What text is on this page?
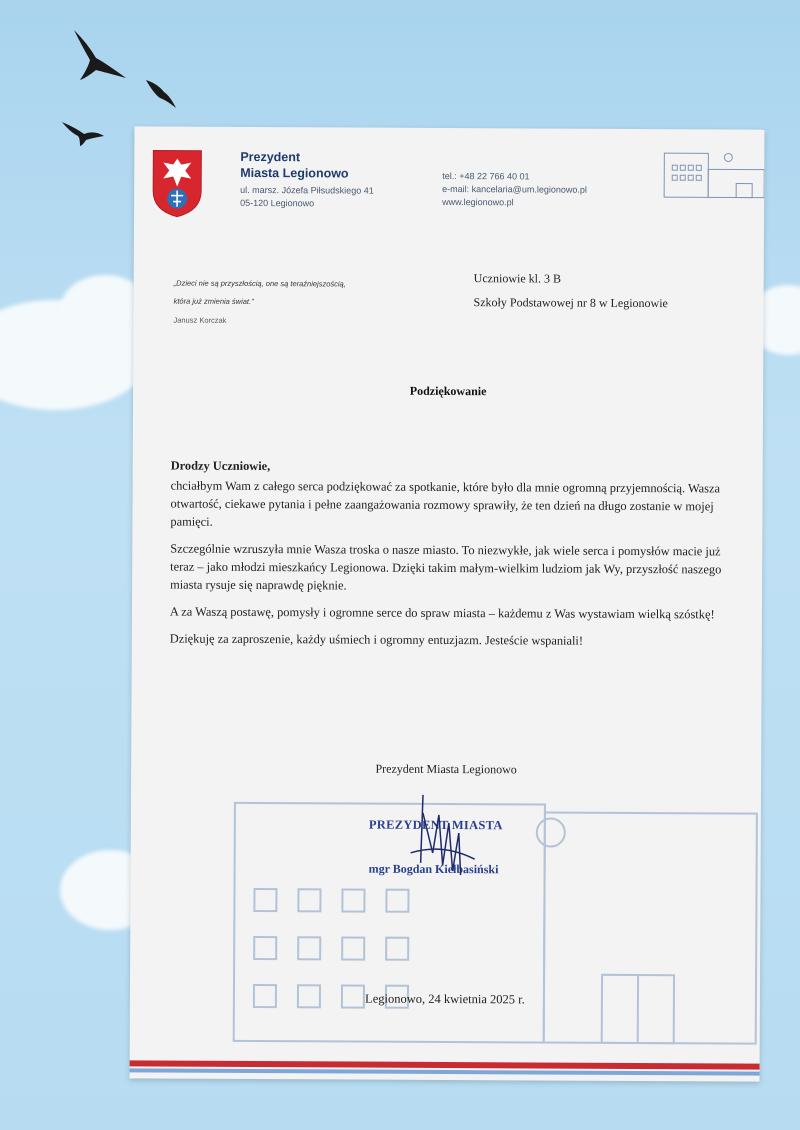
Prezydent
Miasta Legionowo
ul. marsz. Józefa Piłsudskiego 41
05-120 Legionowo
tel.: +48 22 766 40 01
e-mail: kancelaria@um.legionowo.pl
www.legionowo.pl
„Dzieci nie są przyszłością, one są teraźniejszością,
która już zmienia świat.”
Janusz Korczak
Uczniowie kl. 3 B
Szkoły Podstawowej nr 8 w Legionowie
Podziękowanie
Prezydent Miasta Legionowo
PREZYDENT MIASTA
mgr Bogdan Kiełbasiński
Legionowo, 24 kwietnia 2025 r.
Drodzy Uczniowie,

chciałbym Wam z całego serca podziękować za spotkanie, które było dla mnie ogromną przyjemnością. Wasza otwartość, ciekawe pytania i pełne zaangażowania rozmowy sprawiły, że ten dzień na długo zostanie w mojej pamięci.

Szczególnie wzruszyła mnie Wasza troska o nasze miasto. To niezwykłe, jak wiele serca i pomysłów macie już teraz – jako młodzi mieszkańcy Legionowa. Dzięki takim małym-wielkim ludziom jak Wy, przyszłość naszego miasta rysuje się naprawdę pięknie.

A za Waszą postawę, pomysły i ogromne serce do spraw miasta – każdemu z Was wystawiam wielką szóstkę!

Dziękuję za zaproszenie, każdy uśmiech i ogromny entuzjazm. Jesteście wspaniali!
